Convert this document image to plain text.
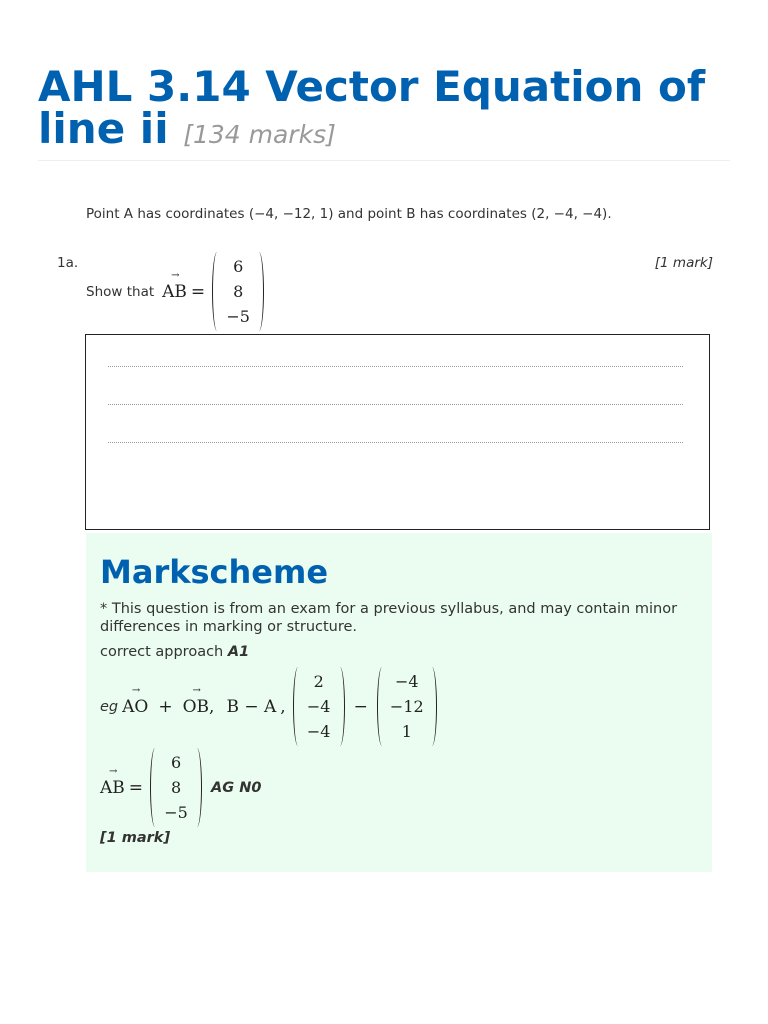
AHL 3.14 Vector Equation of line ii [134 marks]
Point A has coordinates (−4, −12, 1) and point B has coordinates (2, −4, −4).
1a.	[1 mark]
Show that
→
AB =
6
8
−5
Markscheme
* This question is from an exam for a previous syllabus, and may contain minor differences in marking or structure.
correct approach A1
eg
→
AO +
→
OB , B − A ,
2
−4
−4
−
−4
−12
1
→
AB =
6
8
−5
AG N0
[1 mark]
